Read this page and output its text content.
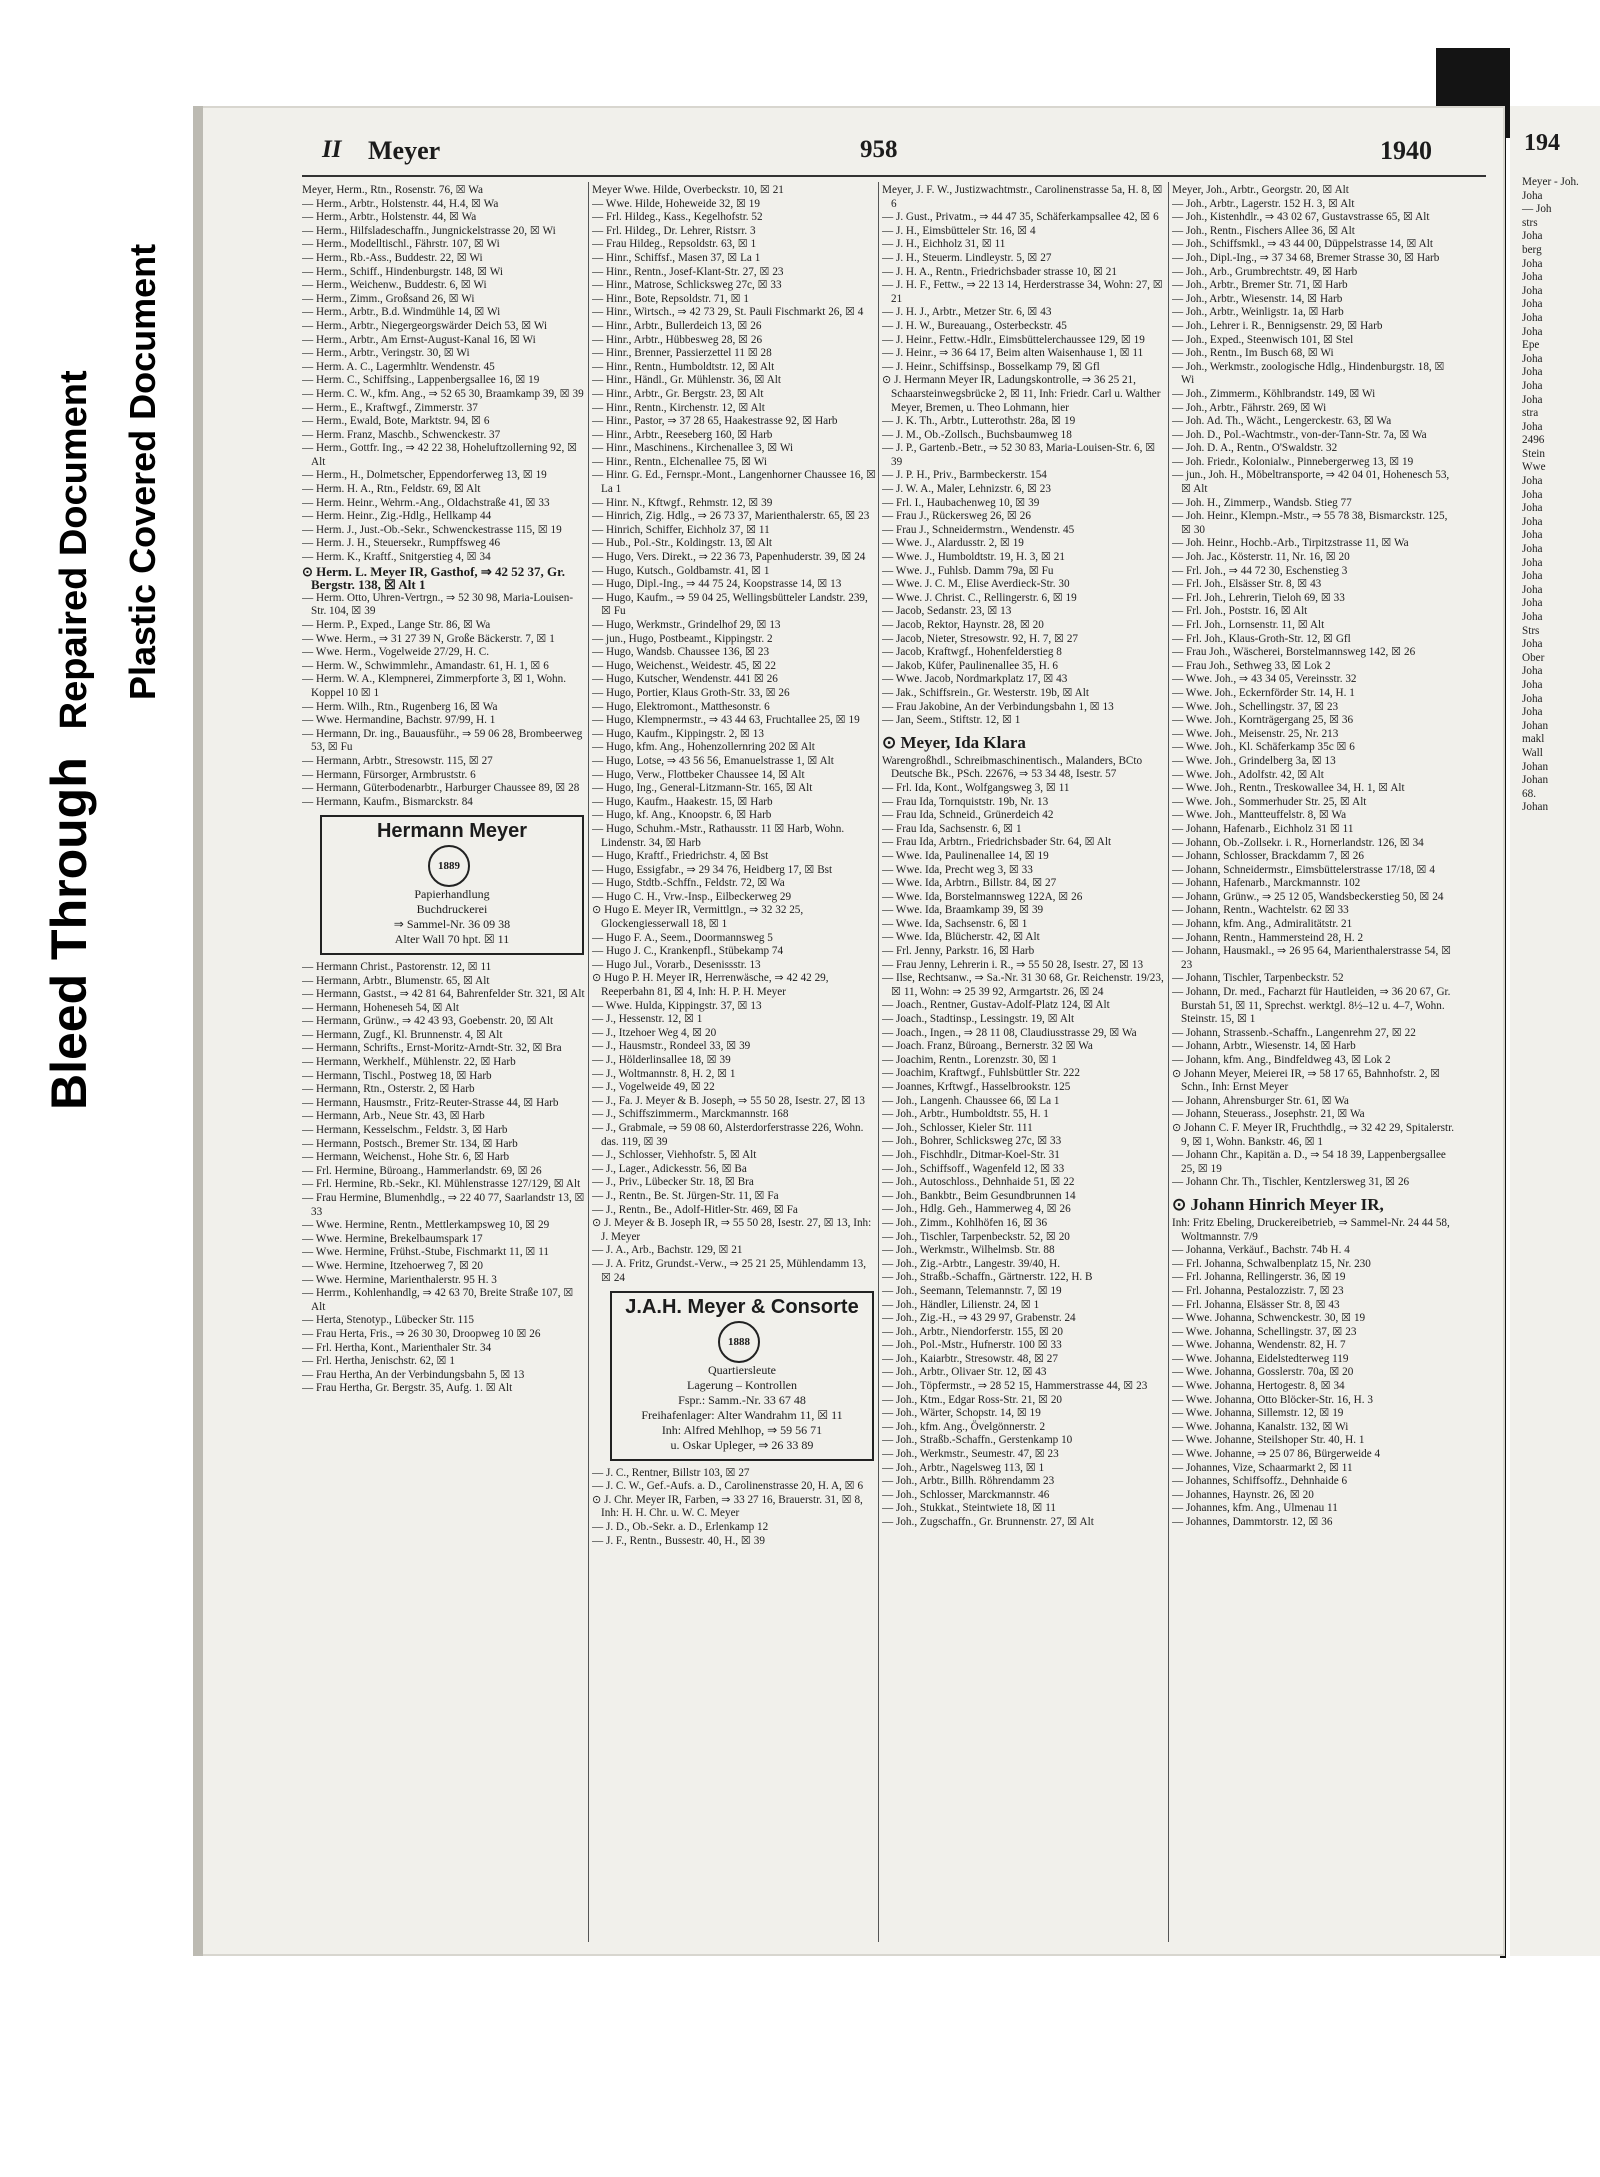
Bleed Through Repaired Document Plastic Covered Document
II Meyer	958	1940

Meyer, Herm., Rtn., Rosenstr. 76, ☒ Wa

— Herm., Arbtr., Holstenstr. 44, H.4, ☒ Wa

— Herm., Arbtr., Holstenstr. 44, ☒ Wa

— Herm., Hilfsladeschaffn., Jungnickelstrasse 20, ☒ Wi

— Herm., Modelltischl., Fährstr. 107, ☒ Wi

— Herm., Rb.-Ass., Buddestr. 22, ☒ Wi

— Herm., Schiff., Hindenburgstr. 148, ☒ Wi

— Herm., Weichenw., Buddestr. 6, ☒ Wi

— Herm., Zimm., Großsand 26, ☒ Wi

— Herm., Arbtr., B.d. Windmühle 14, ☒ Wi

— Herm., Arbtr., Niegergeorgswärder Deich 53, ☒ Wi

— Herm., Arbtr., Am Ernst-August-Kanal 16, ☒ Wi

— Herm., Arbtr., Veringstr. 30, ☒ Wi

— Herm. A. C., Lagermhltr. Wendenstr. 45

— Herm. C., Schiffsing., Lappenbergsallee 16, ☒ 19

— Herm. C. W., kfm. Ang., ⇒ 52 65 30, Braamkamp 39, ☒ 39

— Herm., E., Kraftwgf., Zimmerstr. 37

— Herm., Ewald, Bote, Marktstr. 94, ☒ 6

— Herm. Franz, Maschb., Schwenckestr. 37

— Herm., Gottfr. Ing., ⇒ 42 22 38, Hoheluftzollerning 92, ☒ Alt

— Herm., H., Dolmetscher, Eppendorferweg 13, ☒ 19

— Herm. H. A., Rtn., Feldstr. 69, ☒ Alt

— Herm. Heinr., Wehrm.-Ang., Oldachstraße 41, ☒ 33

— Herm. Heinr., Zig.-Hdlg., Hellkamp 44

— Herm. J., Just.-Ob.-Sekr., Schwenckestrasse 115, ☒ 19

— Herm. J. H., Steuersekr., Rumpffsweg 46

— Herm. K., Kraftf., Snitgerstieg 4, ☒ 34

⊙ Herm. L. Meyer IR, Gasthof, ⇒ 42 52 37, Gr. Bergstr. 138, ☒ Alt 1

— Herm. Otto, Uhren-Vertrgn., ⇒ 52 30 98, Maria-Louisen-Str. 104, ☒ 39

— Herm. P., Exped., Lange Str. 86, ☒ Wa

— Wwe. Herm., ⇒ 31 27 39 N, Große Bäckerstr. 7, ☒ 1

— Wwe. Herm., Vogelweide 27/29, H. C.

— Herm. W., Schwimmlehr., Amandastr. 61, H. 1, ☒ 6

— Herm. W. A., Klempnerei, Zimmerpforte 3, ☒ 1, Wohn. Koppel 10 ☒ 1

— Herm. Wilh., Rtn., Rugenberg 16, ☒ Wa

— Wwe. Hermandine, Bachstr. 97/99, H. 1

— Hermann, Dr. ing., Bauausführ., ⇒ 59 06 28, Brombeerweg 53, ☒ Fu

— Hermann, Arbtr., Stresowstr. 115, ☒ 27

— Hermann, Fürsorger, Armbruststr. 6

— Hermann, Güterbodenarbtr., Harburger Chaussee 89, ☒ 28

— Hermann, Kaufm., Bismarckstr. 84

Hermann Meyer
1889
Papierhandlung
Buchdruckerei
⇒ Sammel-Nr. 36 09 38
Alter Wall 70 hpt. ☒ 11

— Hermann Christ., Pastorenstr. 12, ☒ 11

— Hermann, Arbtr., Blumenstr. 65, ☒ Alt

— Hermann, Gastst., ⇒ 42 81 64, Bahrenfelder Str. 321, ☒ Alt

— Hermann, Hoheneseh 54, ☒ Alt

— Hermann, Grünw., ⇒ 42 43 93, Goebenstr. 20, ☒ Alt

— Hermann, Zugf., Kl. Brunnenstr. 4, ☒ Alt

— Hermann, Schrifts., Ernst-Moritz-Arndt-Str. 32, ☒ Bra

— Hermann, Werkhelf., Mühlenstr. 22, ☒ Harb

— Hermann, Tischl., Postweg 18, ☒ Harb

— Hermann, Rtn., Osterstr. 2, ☒ Harb

— Hermann, Hausmstr., Fritz-Reuter-Strasse 44, ☒ Harb

— Hermann, Arb., Neue Str. 43, ☒ Harb

— Hermann, Kesselschm., Feldstr. 3, ☒ Harb

— Hermann, Postsch., Bremer Str. 134, ☒ Harb

— Hermann, Weichenst., Hohe Str. 6, ☒ Harb

— Frl. Hermine, Büroang., Hammerlandstr. 69, ☒ 26

— Frl. Hermine, Rb.-Sekr., Kl. Mühlenstrasse 127/129, ☒ Alt

— Frau Hermine, Blumenhdlg., ⇒ 22 40 77, Saarlandstr 13, ☒ 33

— Wwe. Hermine, Rentn., Mettlerkampsweg 10, ☒ 29

— Wwe. Hermine, Brekelbaumspark 17

— Wwe. Hermine, Frühst.-Stube, Fischmarkt 11, ☒ 11

— Wwe. Hermine, Itzehoerweg 7, ☒ 20

— Wwe. Hermine, Marienthalerstr. 95 H. 3

— Herrm., Kohlenhandlg, ⇒ 42 63 70, Breite Straße 107, ☒ Alt

— Herta, Stenotyp., Lübecker Str. 115

— Frau Herta, Fris., ⇒ 26 30 30, Droopweg 10 ☒ 26

— Frl. Hertha, Kont., Marienthaler Str. 34

— Frl. Hertha, Jenischstr. 62, ☒ 1

— Frau Hertha, An der Verbindungsbahn 5, ☒ 13

— Frau Hertha, Gr. Bergstr. 35, Aufg. 1. ☒ Alt

Meyer Wwe. Hilde, Overbeckstr. 10, ☒ 21

— Wwe. Hilde, Hoheweide 32, ☒ 19

— Frl. Hildeg., Kass., Kegelhofstr. 52

— Frl. Hildeg., Dr. Lehrer, Ristsrr. 3

— Frau Hildeg., Repsoldstr. 63, ☒ 1

— Hinr., Schiffsf., Masen 37, ☒ La 1

— Hinr., Rentn., Josef-Klant-Str. 27, ☒ 23

— Hinr., Matrose, Schlicksweg 27c, ☒ 33

— Hinr., Bote, Repsoldstr. 71, ☒ 1

— Hinr., Wirtsch., ⇒ 42 73 29, St. Pauli Fischmarkt 26, ☒ 4

— Hinr., Arbtr., Bullerdeich 13, ☒ 26

— Hinr., Arbtr., Hübbesweg 28, ☒ 26

— Hinr., Brenner, Passierzettel 11 ☒ 28

— Hinr., Rentn., Humboldtstr. 12, ☒ Alt

— Hinr., Händl., Gr. Mühlenstr. 36, ☒ Alt

— Hinr., Arbtr., Gr. Bergstr. 23, ☒ Alt

— Hinr., Rentn., Kirchenstr. 12, ☒ Alt

— Hinr., Pastor, ⇒ 37 28 65, Haakestrasse 92, ☒ Harb

— Hinr., Arbtr., Reeseberg 160, ☒ Harb

— Hinr., Maschinens., Kirchenallee 3, ☒ Wi

— Hinr., Rentn., Elchenallee 75, ☒ Wi

— Hinr. G. Ed., Fernspr.-Mont., Langenhorner Chaussee 16, ☒ La 1

— Hinr. N., Kftwgf., Rehmstr. 12, ☒ 39

— Hinrich, Zig. Hdlg., ⇒ 26 73 37, Marienthalerstr. 65, ☒ 23

— Hinrich, Schiffer, Eichholz 37, ☒ 11

— Hub., Pol.-Str., Koldingstr. 13, ☒ Alt

— Hugo, Vers. Direkt., ⇒ 22 36 73, Papenhuderstr. 39, ☒ 24

— Hugo, Kutsch., Goldbamstr. 41, ☒ 1

— Hugo, Dipl.-Ing., ⇒ 44 75 24, Koopstrasse 14, ☒ 13

— Hugo, Kaufm., ⇒ 59 04 25, Wellingsbütteler Landstr. 239, ☒ Fu

— Hugo, Werkmstr., Grindelhof 29, ☒ 13

— jun., Hugo, Postbeamt., Kippingstr. 2

— Hugo, Wandsb. Chaussee 136, ☒ 23

— Hugo, Weichenst., Weidestr. 45, ☒ 22

— Hugo, Kutscher, Wendenstr. 441 ☒ 26

— Hugo, Portier, Klaus Groth-Str. 33, ☒ 26

— Hugo, Elektromont., Matthesonstr. 6

— Hugo, Klempnermstr., ⇒ 43 44 63, Fruchtallee 25, ☒ 19

— Hugo, Kaufm., Kippingstr. 2, ☒ 13

— Hugo, kfm. Ang., Hohenzollernring 202 ☒ Alt

— Hugo, Lotse, ⇒ 43 56 56, Emanuelstrasse 1, ☒ Alt

— Hugo, Verw., Flottbeker Chaussee 14, ☒ Alt

— Hugo, Ing., General-Litzmann-Str. 165, ☒ Alt

— Hugo, Kaufm., Haakestr. 15, ☒ Harb

— Hugo, kf. Ang., Knoopstr. 6, ☒ Harb

— Hugo, Schuhm.-Mstr., Rathausstr. 11 ☒ Harb, Wohn. Lindenstr. 34, ☒ Harb

— Hugo, Kraftf., Friedrichstr. 4, ☒ Bst

— Hugo, Essigfabr., ⇒ 29 34 76, Heidberg 17, ☒ Bst

— Hugo, Stdtb.-Schffn., Feldstr. 72, ☒ Wa

— Hugo C. H., Vrw.-Insp., Eilbeckerweg 29

⊙ Hugo E. Meyer IR, Vermittlgn., ⇒ 32 32 25, Glockengiesserwall 18, ☒ 1

— Hugo F. A., Seem., Doormannsweg 5

— Hugo J. C., Krankenpfl., Stübekamp 74

— Hugo Jul., Vorarb., Desenissstr. 13

⊙ Hugo P. H. Meyer IR, Herrenwäsche, ⇒ 42 42 29, Reeperbahn 81, ☒ 4, Inh: H. P. H. Meyer

— Wwe. Hulda, Kippingstr. 37, ☒ 13

— J., Hessenstr. 12, ☒ 1

— J., Itzehoer Weg 4, ☒ 20

— J., Hausmstr., Rondeel 33, ☒ 39

— J., Hölderlinsallee 18, ☒ 39

— J., Woltmannstr. 8, H. 2, ☒ 1

— J., Vogelweide 49, ☒ 22

— J., Fa. J. Meyer & B. Joseph, ⇒ 55 50 28, Isestr. 27, ☒ 13

— J., Schiffszimmerm., Marckmannstr. 168

— J., Grabmale, ⇒ 59 08 60, Alsterdorferstrasse 226, Wohn. das. 119, ☒ 39

— J., Schlosser, Viehhofstr. 5, ☒ Alt

— J., Lager., Adickesstr. 56, ☒ Ba

— J., Priv., Lübecker Str. 18, ☒ Bra

— J., Rentn., Be. St. Jürgen-Str. 11, ☒ Fa

— J., Rentn., Be., Adolf-Hitler-Str. 469, ☒ Fa

⊙ J. Meyer & B. Joseph IR, ⇒ 55 50 28, Isestr. 27, ☒ 13, Inh: J. Meyer

— J. A., Arb., Bachstr. 129, ☒ 21

— J. A. Fritz, Grundst.-Verw., ⇒ 25 21 25, Mühlendamm 13, ☒ 24

J.A.H. Meyer & Consorte
1888
Quartiersleute
Lagerung – Kontrollen
Fspr.: Samm.-Nr. 33 67 48
Freihafenlager: Alter Wandrahm 11, ☒ 11
Inh: Alfred Mehlhop, ⇒ 59 56 71
u. Oskar Upleger, ⇒ 26 33 89

— J. C., Rentner, Billstr 103, ☒ 27

— J. C. W., Gef.-Aufs. a. D., Carolinenstrasse 20, H. A, ☒ 6

⊙ J. Chr. Meyer IR, Farben, ⇒ 33 27 16, Brauerstr. 31, ☒ 8, Inh: H. H. Chr. u. W. C. Meyer

— J. D., Ob.-Sekr. a. D., Erlenkamp 12

— J. F., Rentn., Bussestr. 40, H., ☒ 39

Meyer, J. F. W., Justizwachtmstr., Carolinenstrasse 5a, H. 8, ☒ 6

— J. Gust., Privatm., ⇒ 44 47 35, Schäferkampsallee 42, ☒ 6

— J. H., Eimsbütteler Str. 16, ☒ 4

— J. H., Eichholz 31, ☒ 11

— J. H., Steuerm. Lindleystr. 5, ☒ 27

— J. H. A., Rentn., Friedrichsbader strasse 10, ☒ 21

— J. H. F., Fettw., ⇒ 22 13 14, Herderstrasse 34, Wohn: 27, ☒ 21

— J. H. J., Arbtr., Metzer Str. 6, ☒ 43

— J. H. W., Bureauang., Osterbeckstr. 45

— J. Heinr., Fettw.-Hdlr., Eimsbüttelerchaussee 129, ☒ 19

— J. Heinr., ⇒ 36 64 17, Beim alten Waisenhause 1, ☒ 11

— J. Heinr., Schiffsinsp., Bosselkamp 79, ☒ Gfl

⊙ J. Hermann Meyer IR, Ladungskontrolle, ⇒ 36 25 21, Schaarsteinwegsbrücke 2, ☒ 11, Inh: Friedr. Carl u. Walther Meyer, Bremen, u. Theo Lohmann, hier

— J. K. Th., Arbtr., Lutterothstr. 28a, ☒ 19

— J. M., Ob.-Zollsch., Buchsbaumweg 18

— J. P., Gartenb.-Betr., ⇒ 52 30 83, Maria-Louisen-Str. 6, ☒ 39

— J. P. H., Priv., Barmbeckerstr. 154

— J. W. A., Maler, Lehnizstr. 6, ☒ 23

— Frl. I., Haubachenweg 10, ☒ 39

— Frau J., Rückersweg 26, ☒ 26

— Frau J., Schneidermstrn., Wendenstr. 45

— Wwe. J., Alardusstr. 2, ☒ 19

— Wwe. J., Humboldtstr. 19, H. 3, ☒ 21

— Wwe. J., Fuhlsb. Damm 79a, ☒ Fu

— Wwe. J. C. M., Elise Averdieck-Str. 30

— Wwe. J. Christ. C., Rellingerstr. 6, ☒ 19

— Jacob, Sedanstr. 23, ☒ 13

— Jacob, Rektor, Haynstr. 28, ☒ 20

— Jacob, Nieter, Stresowstr. 92, H. 7, ☒ 27

— Jacob, Kraftwgf., Hohenfelderstieg 8

— Jakob, Küfer, Paulinenallee 35, H. 6

— Wwe. Jacob, Nordmarkplatz 17, ☒ 43

— Jak., Schiffsrein., Gr. Westerstr. 19b, ☒ Alt

— Frau Jakobine, An der Verbindungsbahn 1, ☒ 13

— Jan, Seem., Stiftstr. 12, ☒ 1

⊙ Meyer, Ida Klara

Warengroßhdl., Schreibmaschinentisch., Malanders, BCto Deutsche Bk., PSch. 22676, ⇒ 53 34 48, Isestr. 57

— Frl. Ida, Kont., Wolfgangsweg 3, ☒ 11

— Frau Ida, Tornquiststr. 19b, Nr. 13

— Frau Ida, Schneid., Grünerdeich 42

— Frau Ida, Sachsenstr. 6, ☒ 1

— Frau Ida, Arbtrn., Friedrichsbader Str. 64, ☒ Alt

— Wwe. Ida, Paulinenallee 14, ☒ 19

— Wwe. Ida, Precht weg 3, ☒ 33

— Wwe. Ida, Arbtrn., Billstr. 84, ☒ 27

— Wwe. Ida, Borstelmannsweg 122A, ☒ 26

— Wwe. Ida, Braamkamp 39, ☒ 39

— Wwe. Ida, Sachsenstr. 6, ☒ 1

— Wwe. Ida, Blücherstr. 42, ☒ Alt

— Frl. Jenny, Parkstr. 16, ☒ Harb

— Frau Jenny, Lehrerin i. R., ⇒ 55 50 28, Isestr. 27, ☒ 13

— Ilse, Rechtsanw., ⇒ Sa.-Nr. 31 30 68, Gr. Reichenstr. 19/23, ☒ 11, Wohn: ⇒ 25 39 92, Armgartstr. 26, ☒ 24

— Joach., Rentner, Gustav-Adolf-Platz 124, ☒ Alt

— Joach., Stadtinsp., Lessingstr. 19, ☒ Alt

— Joach., Ingen., ⇒ 28 11 08, Claudiusstrasse 29, ☒ Wa

— Joach. Franz, Büroang., Bernerstr. 32 ☒ Wa

— Joachim, Rentn., Lorenzstr. 30, ☒ 1

— Joachim, Kraftwgf., Fuhlsbüttler Str. 222

— Joannes, Krftwgf., Hasselbrookstr. 125

— Joh., Langenh. Chaussee 66, ☒ La 1

— Joh., Arbtr., Humboldtstr. 55, H. 1

— Joh., Schlosser, Kieler Str. 111

— Joh., Bohrer, Schlicksweg 27c, ☒ 33

— Joh., Fischhdlr., Ditmar-Koel-Str. 31

— Joh., Schiffsoff., Wagenfeld 12, ☒ 33

— Joh., Autoschloss., Dehnhaide 51, ☒ 22

— Joh., Bankbtr., Beim Gesundbrunnen 14

— Joh., Hdlg. Geh., Hammerweg 4, ☒ 26

— Joh., Zimm., Kohlhöfen 16, ☒ 36

— Joh., Tischler, Tarpenbeckstr. 52, ☒ 20

— Joh., Werkmstr., Wilhelmsb. Str. 88

— Joh., Zig.-Arbtr., Langestr. 39/40, H.

— Joh., Straßb.-Schaffn., Gärtnerstr. 122, H. B

— Joh., Seemann, Telemannstr. 7, ☒ 19

— Joh., Händler, Lilienstr. 24, ☒ 1

— Joh., Zig.-H., ⇒ 43 29 97, Grabenstr. 24

— Joh., Arbtr., Niendorferstr. 155, ☒ 20

— Joh., Pol.-Mstr., Hufnerstr. 100 ☒ 33

— Joh., Kaiarbtr., Stresowstr. 48, ☒ 27

— Joh., Arbtr., Olivaer Str. 12, ☒ 43

— Joh., Töpfermstr., ⇒ 28 52 15, Hammerstrasse 44, ☒ 23

— Joh., Ktm., Edgar Ross-Str. 21, ☒ 20

— Joh., Wärter, Schopstr. 14, ☒ 19

— Joh., kfm. Ang., Övelgönnerstr. 2

— Joh., Straßb.-Schaffn., Gerstenkamp 10

— Joh., Werkmstr., Seumestr. 47, ☒ 23

— Joh., Arbtr., Nagelsweg 113, ☒ 1

— Joh., Arbtr., Billh. Röhrendamm 23

— Joh., Schlosser, Marckmannstr. 46

— Joh., Stukkat., Steintwiete 18, ☒ 11

— Joh., Zugschaffn., Gr. Brunnenstr. 27, ☒ Alt

Meyer, Joh., Arbtr., Georgstr. 20, ☒ Alt

— Joh., Arbtr., Lagerstr. 152 H. 3, ☒ Alt

— Joh., Kistenhdlr., ⇒ 43 02 67, Gustavstrasse 65, ☒ Alt

— Joh., Rentn., Fischers Allee 36, ☒ Alt

— Joh., Schiffsmkl., ⇒ 43 44 00, Düppelstrasse 14, ☒ Alt

— Joh., Dipl.-Ing., ⇒ 37 34 68, Bremer Strasse 30, ☒ Harb

— Joh., Arb., Grumbrechtstr. 49, ☒ Harb

— Joh., Arbtr., Bremer Str. 71, ☒ Harb

— Joh., Arbtr., Wiesenstr. 14, ☒ Harb

— Joh., Arbtr., Weinligstr. 1a, ☒ Harb

— Joh., Lehrer i. R., Bennigsenstr. 29, ☒ Harb

— Joh., Exped., Steenwisch 101, ☒ Stel

— Joh., Rentn., Im Busch 68, ☒ Wi

— Joh., Werkmstr., zoologische Hdlg., Hindenburgstr. 18, ☒ Wi

— Joh., Zimmerm., Köhlbrandstr. 149, ☒ Wi

— Joh., Arbtr., Fährstr. 269, ☒ Wi

— Joh. Ad. Th., Wächt., Lengerckestr. 63, ☒ Wa

— Joh. D., Pol.-Wachtmstr., von-der-Tann-Str. 7a, ☒ Wa

— Joh. D. A., Rentn., O'Swaldstr. 32

— Joh. Friedr., Kolonialw., Pinnebergerweg 13, ☒ 19

— jun., Joh. H., Möbeltransporte, ⇒ 42 04 01, Hohenesch 53, ☒ Alt

— Joh. H., Zimmerp., Wandsb. Stieg 77

— Joh. Heinr., Klempn.-Mstr., ⇒ 55 78 38, Bismarckstr. 125, ☒ 30

— Joh. Heinr., Hochb.-Arb., Tirpitzstrasse 11, ☒ Wa

— Joh. Jac., Kösterstr. 11, Nr. 16, ☒ 20

— Frl. Joh., ⇒ 44 72 30, Eschenstieg 3

— Frl. Joh., Elsässer Str. 8, ☒ 43

— Frl. Joh., Lehrerin, Tieloh 69, ☒ 33

— Frl. Joh., Poststr. 16, ☒ Alt

— Frl. Joh., Lornsenstr. 11, ☒ Alt

— Frl. Joh., Klaus-Groth-Str. 12, ☒ Gfl

— Frau Joh., Wäscherei, Borstelmannsweg 142, ☒ 26

— Frau Joh., Sethweg 33, ☒ Lok 2

— Wwe. Joh., ⇒ 43 34 05, Vereinsstr. 32

— Wwe. Joh., Eckernförder Str. 14, H. 1

— Wwe. Joh., Schellingstr. 37, ☒ 23

— Wwe. Joh., Kornträgergang 25, ☒ 36

— Wwe. Joh., Meisenstr. 25, Nr. 213

— Wwe. Joh., Kl. Schäferkamp 35c ☒ 6

— Wwe. Joh., Grindelberg 3a, ☒ 13

— Wwe. Joh., Adolfstr. 42, ☒ Alt

— Wwe. Joh., Rentn., Treskowallee 34, H. 1, ☒ Alt

— Wwe. Joh., Sommerhuder Str. 25, ☒ Alt

— Wwe. Joh., Mantteuffelstr. 8, ☒ Wa

— Johann, Hafenarb., Eichholz 31 ☒ 11

— Johann, Ob.-Zollsekr. i. R., Hornerlandstr. 126, ☒ 34

— Johann, Schlosser, Brackdamm 7, ☒ 26

— Johann, Schneidermstr., Eimsbüttelerstrasse 17/18, ☒ 4

— Johann, Hafenarb., Marckmannstr. 102

— Johann, Grünw., ⇒ 25 12 05, Wandsbeckerstieg 50, ☒ 24

— Johann, Rentn., Wachtelstr. 62 ☒ 33

— Johann, kfm. Ang., Admiralitätstr. 21

— Johann, Rentn., Hammersteind 28, H. 2

— Johann, Hausmakl., ⇒ 26 95 64, Marienthalerstrasse 54, ☒ 23

— Johann, Tischler, Tarpenbeckstr. 52

— Johann, Dr. med., Facharzt für Hautleiden, ⇒ 36 20 67, Gr. Burstah 51, ☒ 11, Sprechst. werktgl. 8½–12 u. 4–7, Wohn. Steinstr. 15, ☒ 1

— Johann, Strassenb.-Schaffn., Langenrehm 27, ☒ 22

— Johann, Arbtr., Wiesenstr. 14, ☒ Harb

— Johann, kfm. Ang., Bindfeldweg 43, ☒ Lok 2

⊙ Johann Meyer, Meierei IR, ⇒ 58 17 65, Bahnhofstr. 2, ☒ Schn., Inh: Ernst Meyer

— Johann, Ahrensburger Str. 61, ☒ Wa

— Johann, Steuerass., Josephstr. 21, ☒ Wa

⊙ Johann C. F. Meyer IR, Fruchthdlg., ⇒ 32 42 29, Spitalerstr. 9, ☒ 1, Wohn. Bankstr. 46, ☒ 1

— Johann Chr., Kapitän a. D., ⇒ 54 18 39, Lappenbergsallee 25, ☒ 19

— Johann Chr. Th., Tischler, Kentzlersweg 31, ☒ 26

⊙ Johann Hinrich Meyer IR,

Inh: Fritz Ebeling, Druckereibetrieb, ⇒ Sammel-Nr. 24 44 58, Woltmannstr. 7/9

— Johanna, Verkäuf., Bachstr. 74b H. 4

— Frl. Johanna, Schwalbenplatz 15, Nr. 230

— Frl. Johanna, Rellingerstr. 36, ☒ 19

— Frl. Johanna, Pestalozzistr. 7, ☒ 23

— Frl. Johanna, Elsässer Str. 8, ☒ 43

— Wwe. Johanna, Schwenckestr. 30, ☒ 19

— Wwe. Johanna, Schellingstr. 37, ☒ 23

— Wwe. Johanna, Wendenstr. 82, H. 7

— Wwe. Johanna, Eidelstedterweg 119

— Wwe. Johanna, Gosslerstr. 70a, ☒ 20

— Wwe. Johanna, Hertogestr. 8, ☒ 34

— Wwe. Johanna, Otto Blöcker-Str. 16, H. 3

— Wwe. Johanna, Sillemstr. 12, ☒ 19

— Wwe. Johanna, Kanalstr. 132, ☒ Wi

— Wwe. Johanne, Steilshoper Str. 40, H. 1

— Wwe. Johanne, ⇒ 25 07 86, Bürgerweide 4

— Johannes, Vize, Schaarmarkt 2, ☒ 11

— Johannes, Schiffsoffz., Dehnhaide 6

— Johannes, Haynstr. 26, ☒ 20

— Johannes, kfm. Ang., Ulmenau 11

— Johannes, Dammtorstr. 12, ☒ 36

194
Meyer - Joh.
Joha
— Joh
strs
Joha
berg
Joha
Joha
Joha
Joha
Joha
Joha
Epe
Joha
Joha
Joha
Joha
stra
Joha
2496
Stein
Wwe
Joha
Joha
Joha
Joha
Joha
Joha
Joha
Joha
Joha
Joha
Joha
Strs
Joha
Ober
Joha
Joha
Joha
Joha
Johan
makl
Wall
Johan
Johan
68.
Johan
